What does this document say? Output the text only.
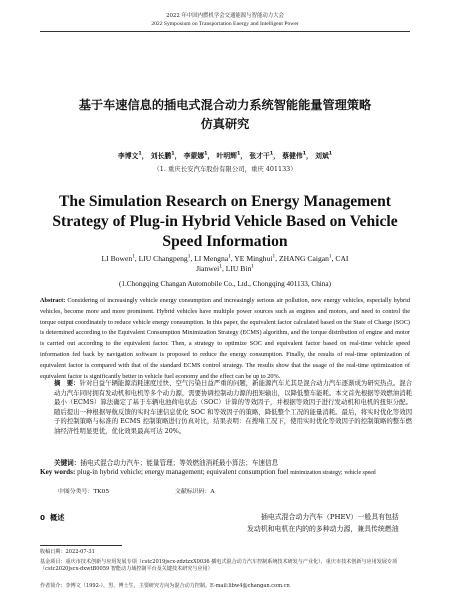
2022 年中国内燃机学会交通能源与智能动力大会
2022 Symposium on Transportation Energy and Intelligent Power
基于车速信息的插电式混合动力系统智能能量管理策略
仿真研究
李博文$^1$， 刘长鹏$^1$， 李蒙娜$^1$， 叶明辉$^1$， 张才干$^1$， 蔡健伟$^1$， 刘斌$^1$
（1. 重庆长安汽车股份有限公司，重庆 401133）
The Simulation Research on Energy Management
Strategy of Plug-in Hybrid Vehicle Based on Vehicle
Speed Information
LI Bowen$^1$, LIU Changpeng$^1$, LI Mengna$^1$, YE Minghui$^1$, ZHANG Caigan$^1$, CAI Jianwei$^1$, LIU Bin$^1$
(1.Chongqing Changan Automobile Co., Ltd., Chongqing 401133, China)
Abstract: Considering of increasingly vehicle energy consumption and increasingly serious air pollution, new energy vehicles, especially hybrid vehicles, become more and more prominent. Hybrid vehicles have multiple power sources such as engines and motors, and need to control the torque output coordinately to reduce vehicle energy consumption. In this paper, the equivalent factor calculated based on the State of Charge (SOC) is determined according to the Equivalent Consumption Minimization Strategy (ECMS) algorithm, and the torque distribution of engine and motor is carried out according to the equivalent factor. Then, a strategy to optimize SOC and equivalent factor based on real-time vehicle speed information fed back by navigation software is proposed to reduce the energy consumption. Finally, the results of real-time optimization of equivalent factor is compared with that of the standard ECMS control strategy. The results show that the usage of the real-time optimization of equivalent factor is significantly better in vehicle fuel economy and the effect can be up to 20%.
摘　要：针对日益午辆能源消耗速度过快、空气污染日益严重的问题，新能源汽车尤其是混合动力汽车逐渐成为研究热点。混合动力汽车同时拥有发动机和电机等多个动力源，需要协调控制动力源的扭矩输出，以降低整车能耗。本文首先根据等效燃油消耗最小（ECMS）算法确定了基于车辆电池荷电状态（SOC）计算的等效因子，并根据等效因子进行发动机和电机的扭矩分配。随后提出一种根据导航反馈的实时车速信息优化 SOC 和等效因子的策略，降低整个工况的能量消耗。最后，将实时优化等效因子的控制策略与标准的 ECMS 控制策略进行仿真对比，结果表明：在搜堵工况下，使用实时优化等效因子的控制策略的整车燃油经济性明显更优，优化效果最高可达 20%。
关键词：插电式混合动力汽车；能量管理；等效燃油消耗最小算法；车速信息
Key words: plug-in hybrid vehicle; energy management; equivalent consumption fuel minimization strategy; vehicle speed
中图分类号：TK05	文献标识码：A
0 概述	插电式混合动力汽车（PHEV）一般具有包括
发动机和电机在内的的多种动力源，兼具传统燃油
收稿日期：2022-07-31
基金项目：重庆市技术创新与应用发展专项（cstc2019jscx-zdztzxX0036 插电式混合动力汽车控制系统技术研发与产业化），重庆市技术创新与应用发展专项（cstc2020jscx-dxwtB0059 智能动力域控制平台及关键技术研究与应用）
作者简介：李博文（1992-），男，博士生，主要研究方向为混合动力控制。E-mail:libw4@changan.com.cn
